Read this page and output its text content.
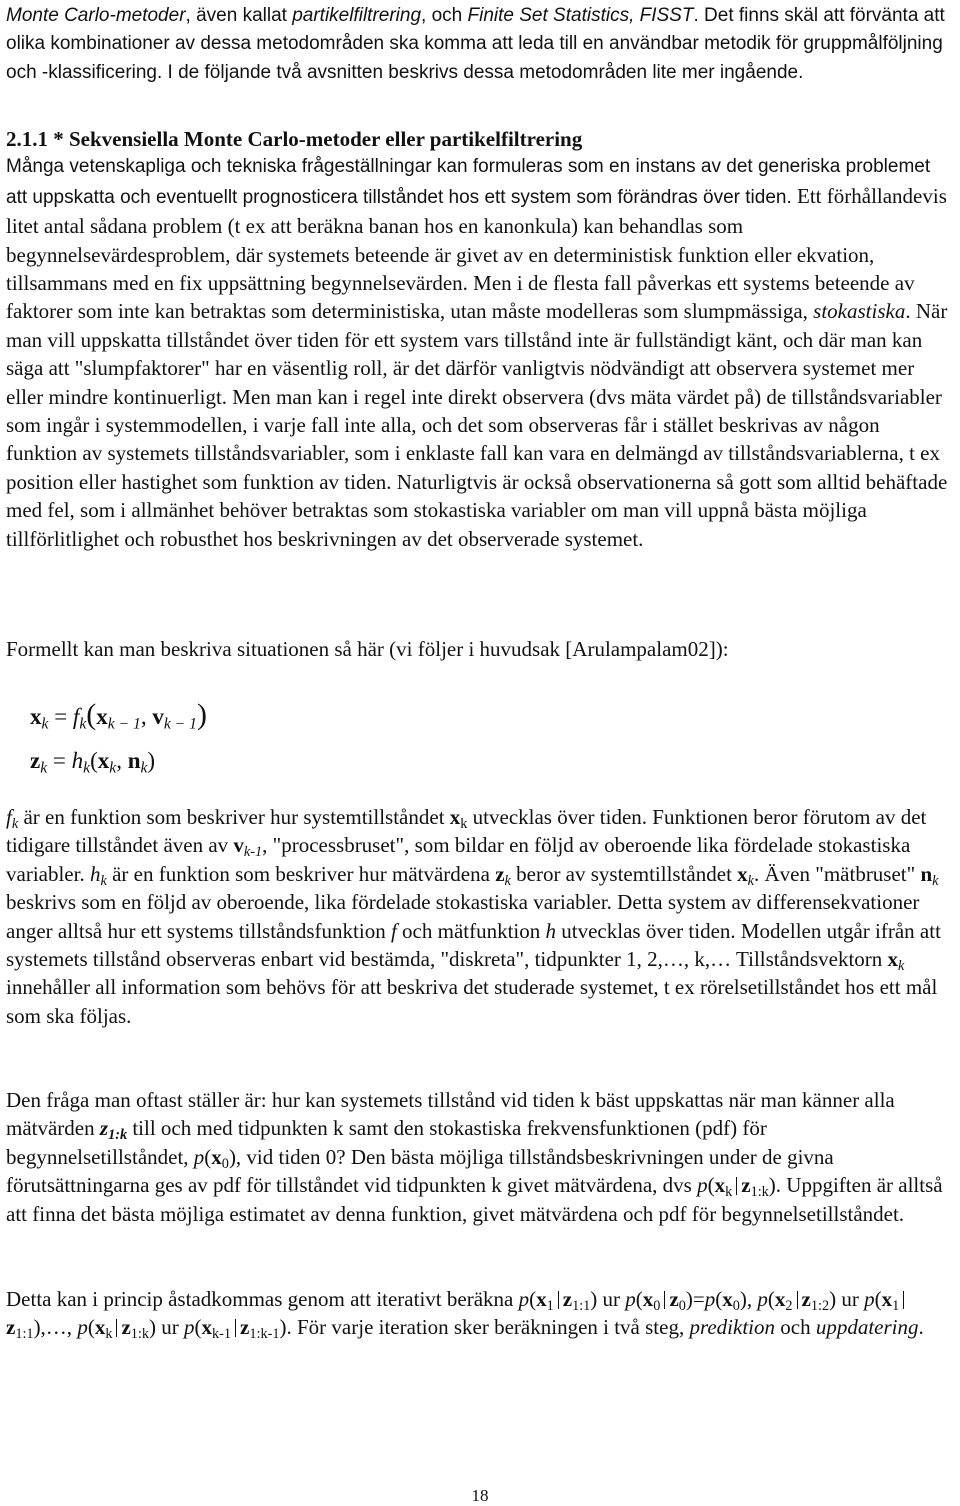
Monte Carlo-metoder, även kallat partikelfiltrering, och Finite Set Statistics, FISST. Det finns skäl att förvänta att olika kombinationer av dessa metodområden ska komma att leda till en användbar metodik för gruppmålföljning och -klassificering. I de följande två avsnitten beskrivs dessa metodområden lite mer ingående.

2.1.1 * Sekvensiella Monte Carlo-metoder eller partikelfiltrering
Många vetenskapliga och tekniska frågeställningar kan formuleras som en instans av det generiska problemet att uppskatta och eventuellt prognosticera tillståndet hos ett system som förändras över tiden. Ett förhållandevis litet antal sådana problem (t ex att beräkna banan hos en kanonkula) kan behandlas som begynnelsevärdesproblem, där systemets beteende är givet av en deterministisk funktion eller ekvation, tillsammans med en fix uppsättning begynnelsevärden. Men i de flesta fall påverkas ett systems beteende av faktorer som inte kan betraktas som deterministiska, utan måste modelleras som slumpmässiga, stokastiska. När man vill uppskatta tillståndet över tiden för ett system vars tillstånd inte är fullständigt känt, och där man kan säga att "slumpfaktorer" har en väsentlig roll, är det därför vanligtvis nödvändigt att observera systemet mer eller mindre kontinuerligt. Men man kan i regel inte direkt observera (dvs mäta värdet på) de tillståndsvariabler som ingår i systemmodellen, i varje fall inte alla, och det som observeras får i stället beskrivas av någon funktion av systemets tillståndsvariabler, som i enklaste fall kan vara en delmängd av tillståndsvariablerna, t ex position eller hastighet som funktion av tiden. Naturligtvis är också observationerna så gott som alltid behäftade med fel, som i allmänhet behöver betraktas som stokastiska variabler om man vill uppnå bästa möjliga tillförlitlighet och robusthet hos beskrivningen av det observerade systemet.

Formellt kan man beskriva situationen så här (vi följer i huvudsak [Arulampalam02]):

$x_k = f_k(x_{k - 1}$, $v_{k - 1}$)
$z_k = h_k(x_k$, $n_k$)

$f_k$ är en funktion som beskriver hur systemtillståndet $x_k$ utvecklas över tiden. Funktionen beror förutom av det tidigare tillståndet även av $v_{k-1}$, "processbruset", som bildar en följd av oberoende lika fördelade stokastiska variabler. $h_k$ är en funktion som beskriver hur mätvärdena $z_k$ beror av systemtillståndet $x_k$. Även "mätbruset" $n_k$ beskrivs som en följd av oberoende, lika fördelade stokastiska variabler. Detta system av differensekvationer anger alltså hur ett systems tillståndsfunktion f och mätfunktion h utvecklas över tiden. Modellen utgår ifrån att systemets tillstånd observeras enbart vid bestämda, "diskreta", tidpunkter 1, 2,…, k,… Tillståndsvektorn $x_k$ innehåller all information som behövs för att beskriva det studerade systemet, t ex rörelsetillståndet hos ett mål som ska följas.

Den fråga man oftast ställer är: hur kan systemets tillstånd vid tiden k bäst uppskattas när man känner alla mätvärden $z_{1:k}$ till och med tidpunkten k samt den stokastiska frekvensfunktionen (pdf) för begynnelsetillståndet, $p(x_0)$, vid tiden 0? Den bästa möjliga tillståndsbeskrivningen under de givna förutsättningarna ges av pdf för tillståndet vid tidpunkten k givet mätvärdena, dvs $p(x_k$ $z_{1:k}$). Uppgiften är alltså att finna det bästa möjliga estimatet av denna funktion, givet mätvärdena och pdf för begynnelsetillståndet.

Detta kan i princip åstadkommas genom att iterativt beräkna $p(x_1$ $z_{1:1}$) ur $p(x_0$ $z_0)=p(x_0)$, $p(x_2$ $z_{1:2}$) ur $p(x_1z_{1:1}),\dots$, $p(x_k$ $z_{1:k}$) ur $p(x_{k-1}$ $z_{1:k-1}$). För varje iteration sker beräkningen i två steg, prediktion och uppdatering.

18
